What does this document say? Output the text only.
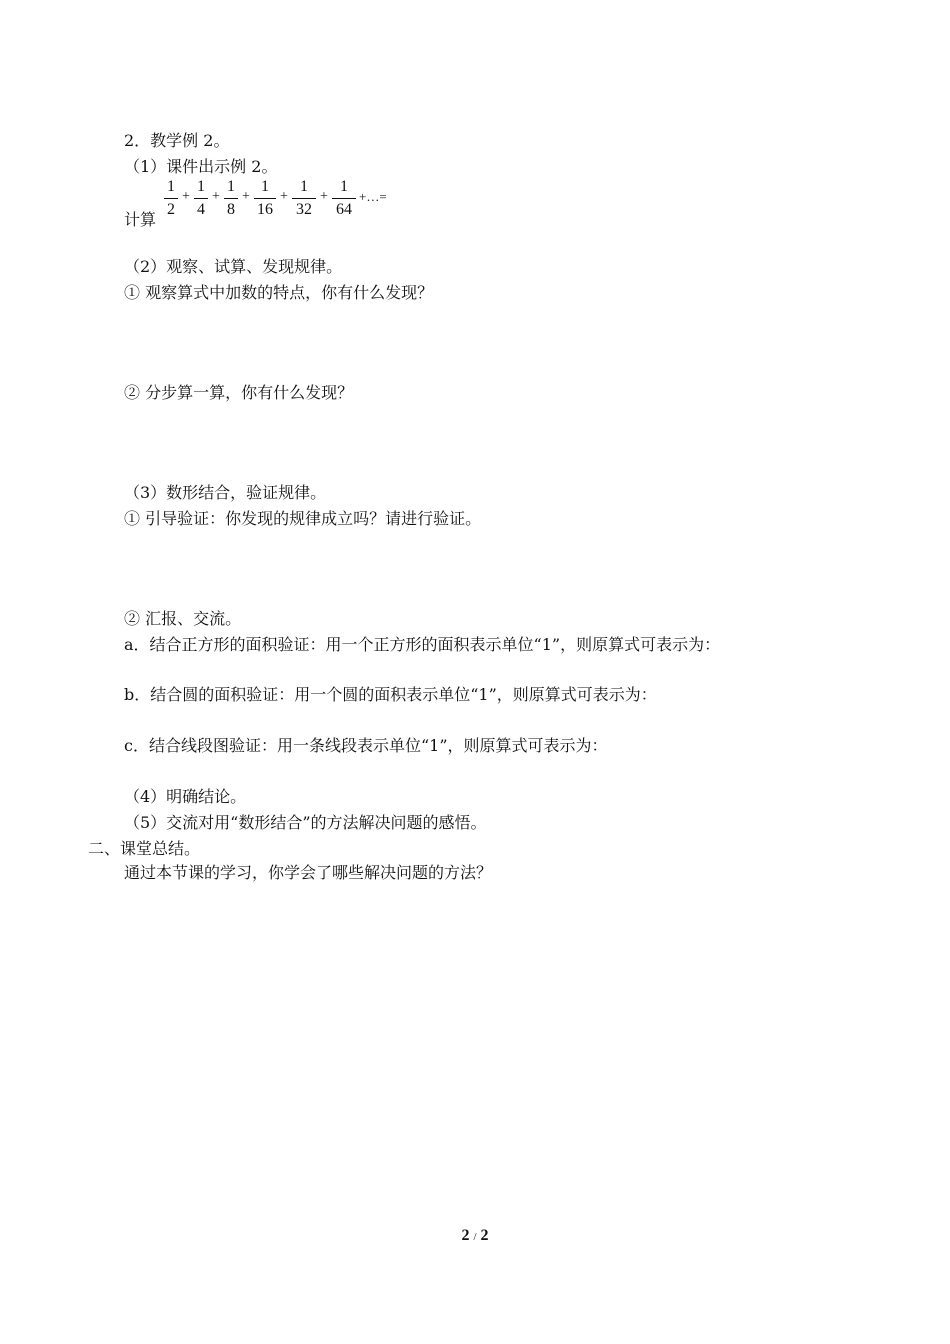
2．教学例 2。
（1）课件出示例 2。
计算
1
2
+
1
4
+
1
8
+
1
16
+
1
32
+
1
64
+…=
（2）观察、试算、发现规律。
① 观察算式中加数的特点，你有什么发现？
② 分步算一算，你有什么发现？
（3）数形结合，验证规律。
① 引导验证：你发现的规律成立吗？请进行验证。
② 汇报、交流。
a．结合正方形的面积验证：用一个正方形的面积表示单位“1”，则原算式可表示为：
b．结合圆的面积验证：用一个圆的面积表示单位“1”，则原算式可表示为：
c．结合线段图验证：用一条线段表示单位“1”，则原算式可表示为：
（4）明确结论。
（5）交流对用“数形结合”的方法解决问题的感悟。
二、课堂总结。
通过本节课的学习，你学会了哪些解决问题的方法？
2 / 2
